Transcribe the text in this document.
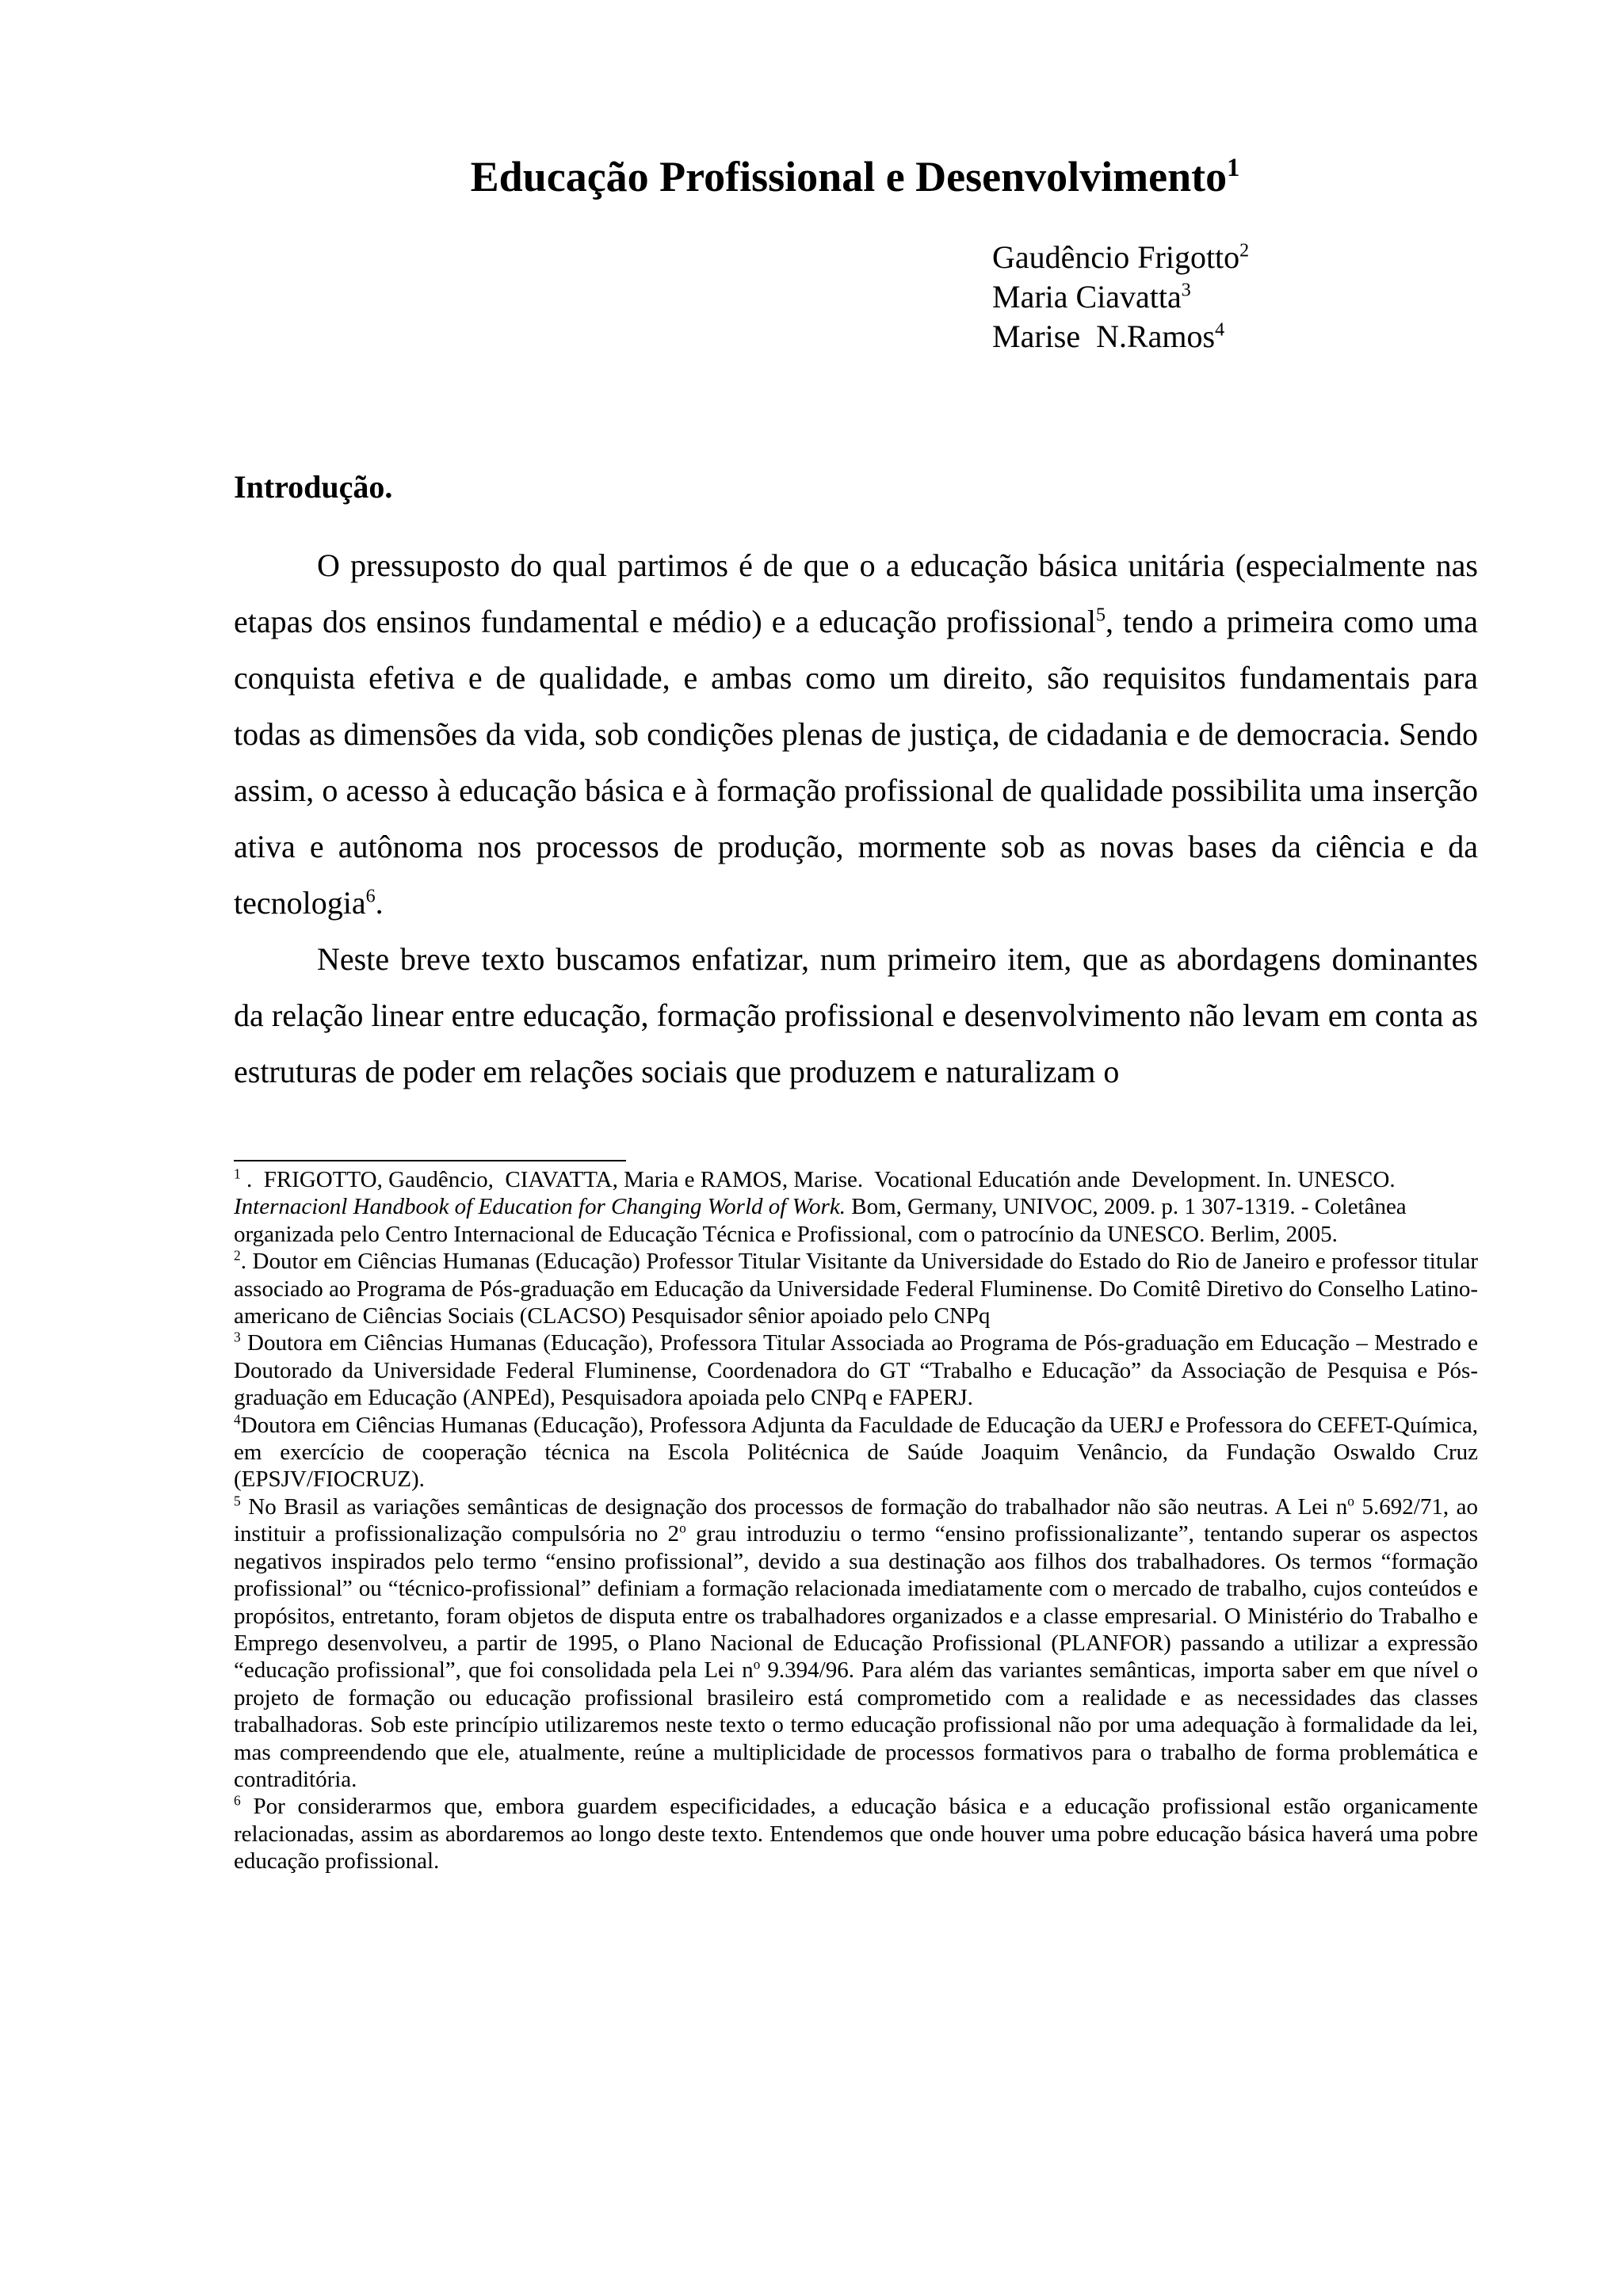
Educação Profissional e Desenvolvimento$^1$
Gaudêncio Frigotto$^2$
Maria Ciavatta$^3$
Marise  N.Ramos$^4$
Introdução.

O pressuposto do qual partimos é de que o a educação básica unitária (especialmente nas etapas dos ensinos fundamental e médio) e a educação profissional$^5$, tendo a primeira como uma conquista efetiva e de qualidade, e ambas como um direito, são requisitos fundamentais para todas as dimensões da vida, sob condições plenas de justiça, de cidadania e de democracia. Sendo assim, o acesso à educação básica e à formação profissional de qualidade possibilita uma inserção ativa e autônoma nos processos de produção, mormente sob as novas bases da ciência e da tecnologia$^6$.

Neste breve texto buscamos enfatizar, num primeiro item, que as abordagens dominantes da relação linear entre educação, formação profissional e desenvolvimento não levam em conta as estruturas de poder em relações sociais que produzem e naturalizam o

$^1$ .  FRIGOTTO, Gaudêncio,  CIAVATTA, Maria e RAMOS, Marise.  Vocational Educatión ande  Development. In. UNESCO.  Internacionl Handbook of Education for Changing World of Work. Bom, Germany, UNIVOC, 2009. p. 1 307-1319. - Coletânea organizada pelo Centro Internacional de Educação Técnica e Profissional, com o patrocínio da UNESCO. Berlim, 2005.

$^2$. Doutor em Ciências Humanas (Educação) Professor Titular Visitante da Universidade do Estado do Rio de Janeiro e professor titular associado ao Programa de Pós-graduação em Educação da Universidade Federal Fluminense. Do Comitê Diretivo do Conselho Latino-americano de Ciências Sociais (CLACSO) Pesquisador sênior apoiado pelo CNPq

$^3$ Doutora em Ciências Humanas (Educação), Professora Titular Associada ao Programa de Pós-graduação em Educação – Mestrado e Doutorado da Universidade Federal Fluminense, Coordenadora do GT “Trabalho e Educação” da Associação de Pesquisa e Pós-graduação em Educação (ANPEd), Pesquisadora apoiada pelo CNPq e FAPERJ.

$^4$Doutora em Ciências Humanas (Educação), Professora Adjunta da Faculdade de Educação da UERJ e Professora do CEFET-Química, em exercício de cooperação técnica na Escola Politécnica de Saúde Joaquim Venâncio, da Fundação Oswaldo Cruz (EPSJV/FIOCRUZ).

$^5$ No Brasil as variações semânticas de designação dos processos de formação do trabalhador não são neutras. A Lei $n^o$ 5.692/71, ao instituir a profissionalização compulsória no 2$^o$ grau introduziu o termo “ensino profissionalizante”, tentando superar os aspectos negativos inspirados pelo termo “ensino profissional”, devido a sua destinação aos filhos dos trabalhadores. Os termos “formação profissional” ou “técnico-profissional” definiam a formação relacionada imediatamente com o mercado de trabalho, cujos conteúdos e propósitos, entretanto, foram objetos de disputa entre os trabalhadores organizados e a classe empresarial. O Ministério do Trabalho e Emprego desenvolveu, a partir de 1995, o Plano Nacional de Educação Profissional (PLANFOR) passando a utilizar a expressão “educação profissional”, que foi consolidada pela Lei $n^o$ 9.394/96. Para além das variantes semânticas, importa saber em que nível o projeto de formação ou educação profissional brasileiro está comprometido com a realidade e as necessidades das classes trabalhadoras. Sob este princípio utilizaremos neste texto o termo educação profissional não por uma adequação à formalidade da lei, mas compreendendo que ele, atualmente, reúne a multiplicidade de processos formativos para o trabalho de forma problemática e contraditória.

$^6$ Por considerarmos que, embora guardem especificidades, a educação básica e a educação profissional estão organicamente relacionadas, assim as abordaremos ao longo deste texto. Entendemos que onde houver uma pobre educação básica haverá uma pobre educação profissional.
